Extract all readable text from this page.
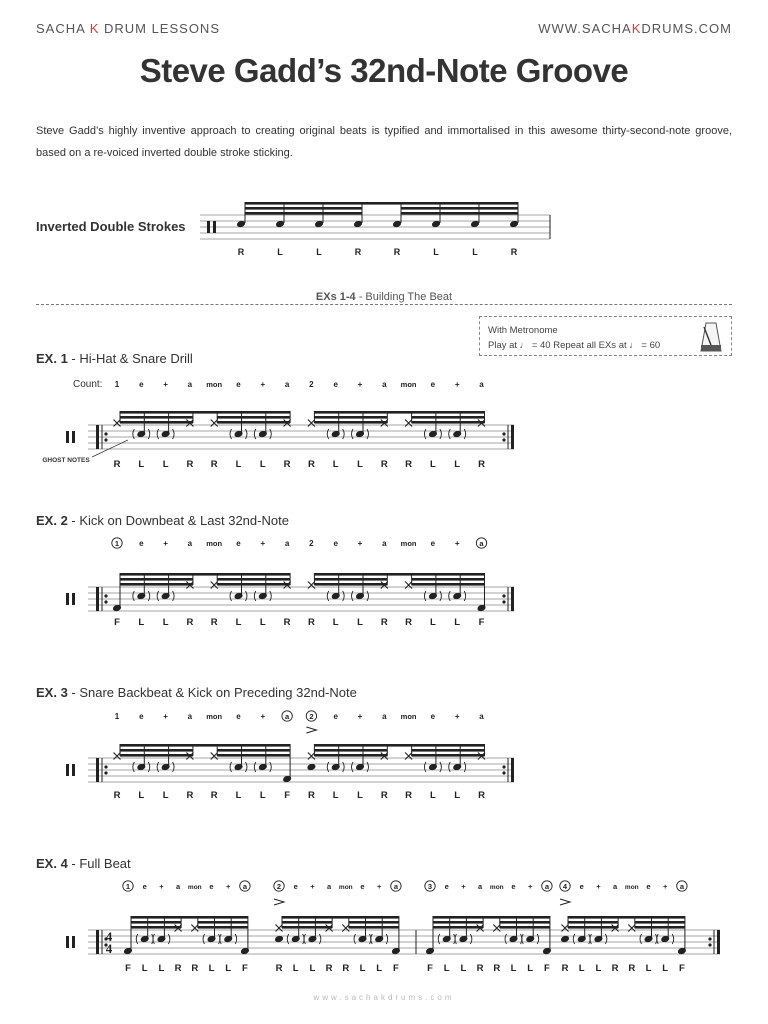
SACHA K DRUM LESSONS	WWW.SACHAKDRUMS.COM
Steve Gadd’s 32nd-Note Groove
Steve Gadd’s highly inventive approach to creating original beats is typified and immortalised in this awesome thirty-second-note groove, based on a re-voiced inverted double stroke sticking.
Inverted Double Strokes
EXs 1-4 - Building The Beat
With Metronome
Play at ♩ = 40 Repeat all EXs at ♩ = 60
EX. 1 - Hi-Hat & Snare Drill
EX. 2 - Kick on Downbeat & Last 32nd-Note
EX. 3 - Snare Backbeat & Kick on Preceding 32nd-Note
EX. 4 - Full Beat
R	L	L	R	R	L	L	R
Count: 1
R
e
L
+
L
a
R
mon
R
e
L
+
L
a
R
2
R
e
L
+
L
a
R
mon
R
e
L
+
L
a
R
GHOST NOTES
1
F
e
L
+
L
a
R
mon
R
e
L
+
L
a
R
2
R
e
L
+
L
a
R
mon
R
e
L
+
L
a
F
1
R
e
L
+
L
a
R
mon
R
e
L
+
L
a
F
2
R
e
L
+
L
a
R
mon
R
e
L
+
L
a
R
4
4
1
F
e
L
+
L
a
R
mon
R
e
L
+
L
a
F
2
R
e
L
+
L
a
R
mon
R
e
L
+
L
a
F
3
F
e
L
+
L
a
R
mon
R
e
L
+
L
a
F
4
R
e
L
+
L
a
R
mon
R
e
L
+
L
a
F
www.sachakdrums.com
